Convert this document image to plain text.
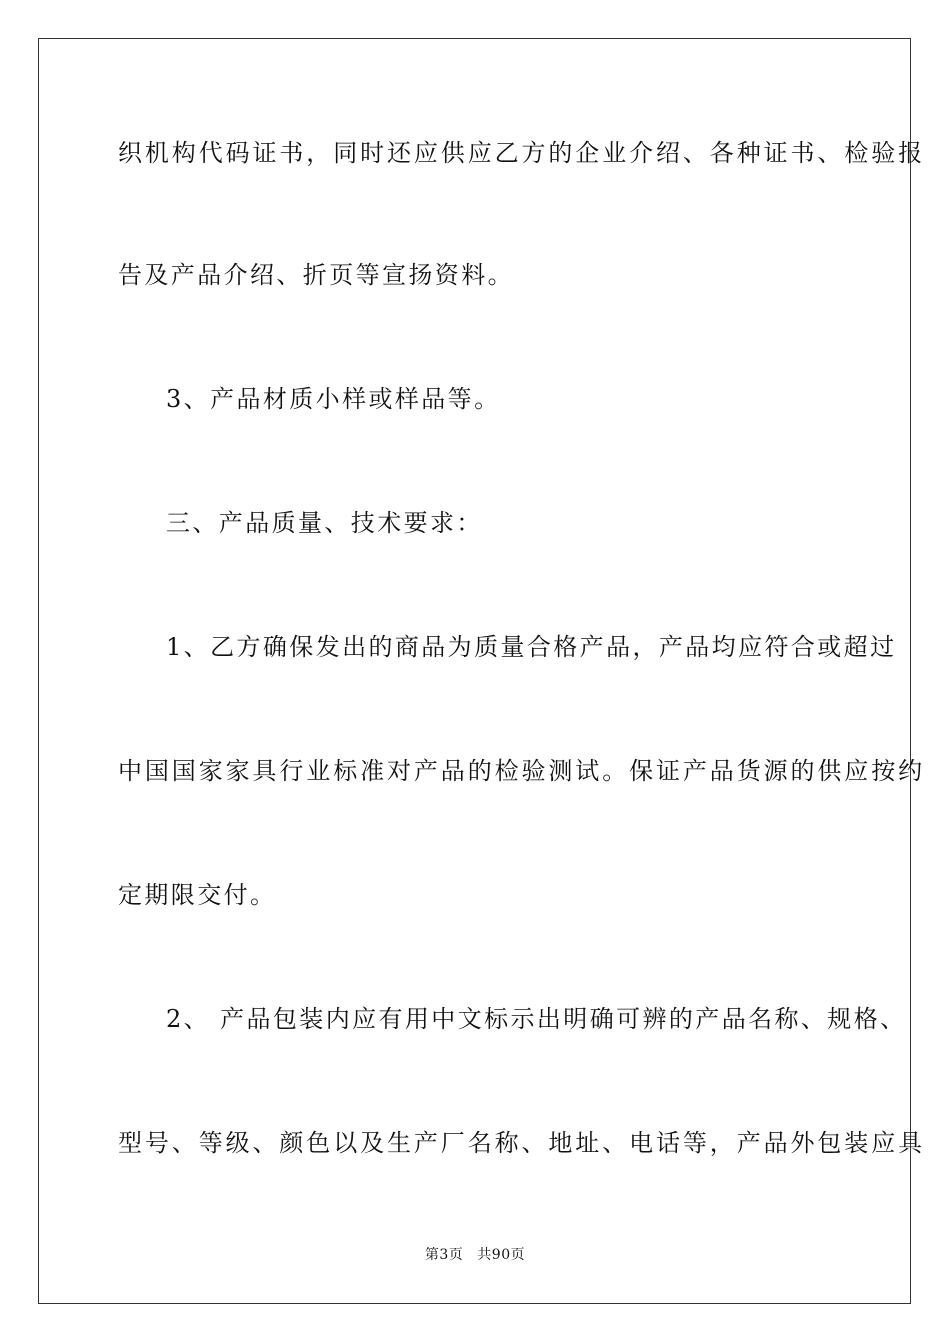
织机构代码证书，同时还应供应乙方的企业介绍、各种证书、检验报
告及产品介绍、折页等宣扬资料。
3、产品材质小样或样品等。
三、产品质量、技术要求：
1、乙方确保发出的商品为质量合格产品，产品均应符合或超过
中国国家家具行业标准对产品的检验测试。保证产品货源的供应按约
定期限交付。
2、 产品包装内应有用中文标示出明确可辨的产品名称、规格、
型号、等级、颜色以及生产厂名称、地址、电话等，产品外包装应具
第3页 共90页
